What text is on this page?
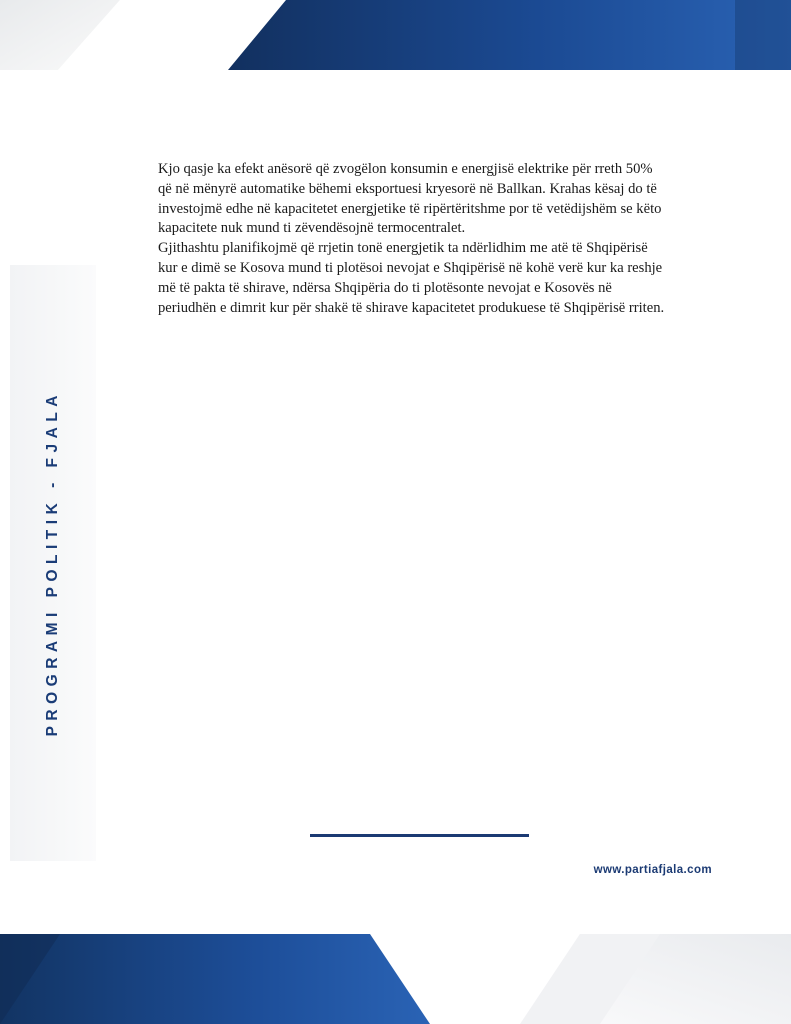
PROGRAMI POLITIK - FJALA

Kjo qasje ka efekt anësorë që zvogëlon konsumin e energjisë elektrike për rreth 50% që në mënyrë automatike bëhemi eksportuesi kryesorë në Ballkan. Krahas kësaj do të investojmë edhe në kapacitetet energjetike të ripërtëritshme por të vetëdijshëm se këto kapacitete nuk mund ti zëvendësojnë termocentralet.

Gjithashtu planifikojmë që rrjetin tonë energjetik ta ndërlidhim me atë të Shqipërisë kur e dimë se Kosova mund ti plotësoi nevojat e Shqipërisë në kohë verë kur ka reshje më të pakta të shirave, ndërsa Shqipëria do ti plotësonte nevojat e Kosovës në periudhën e dimrit kur për shakë të shirave kapacitetet produkuese të Shqipërisë rriten.

www.partiafjala.com
